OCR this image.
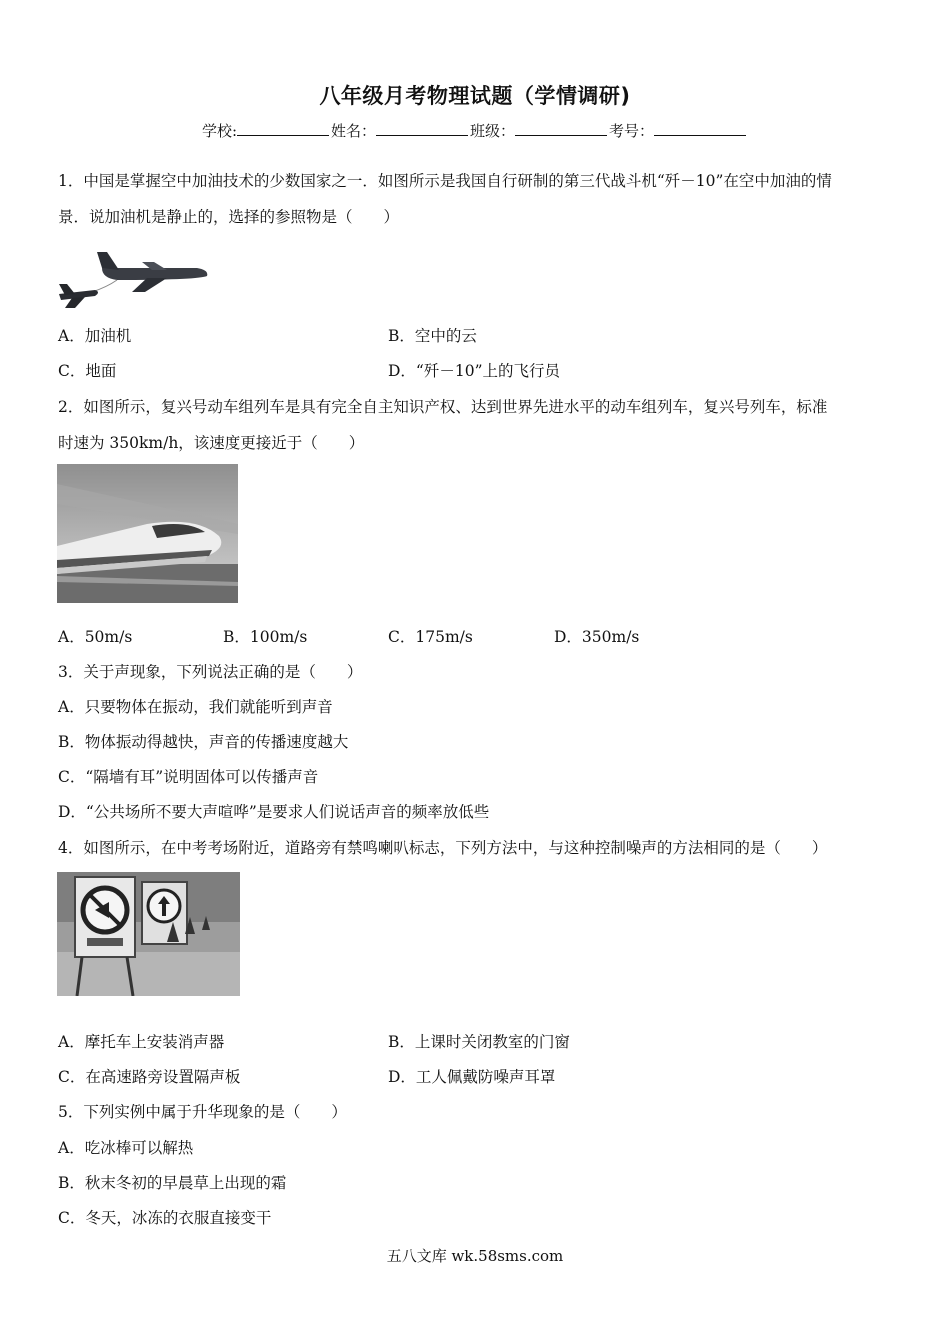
八年级月考物理试题（学情调研)
学校:	姓名：	班级：	考号：
1．中国是掌握空中加油技术的少数国家之一．如图所示是我国自行研制的第三代战斗机“歼－10”在空中加油的情
景．说加油机是静止的，选择的参照物是（　　）
A．加油机	B．空中的云
C．地面	D．“歼－10”上的飞行员
2．如图所示，复兴号动车组列车是具有完全自主知识产权、达到世界先进水平的动车组列车，复兴号列车，标准
时速为 350km/h，该速度更接近于（　　）
A．50m/s	B．100m/s	C．175m/s	D．350m/s
3．关于声现象，下列说法正确的是（　　）
A．只要物体在振动，我们就能听到声音
B．物体振动得越快，声音的传播速度越大
C．“隔墙有耳”说明固体可以传播声音
D．“公共场所不要大声喧哗”是要求人们说话声音的频率放低些
4．如图所示，在中考考场附近，道路旁有禁鸣喇叭标志，下列方法中，与这种控制噪声的方法相同的是（　　）
A．摩托车上安装消声器	B．上课时关闭教室的门窗
C．在高速路旁设置隔声板	D．工人佩戴防噪声耳罩
5．下列实例中属于升华现象的是（　　）
A．吃冰棒可以解热
B．秋末冬初的早晨草上出现的霜
C．冬天，冰冻的衣服直接变干
五八文库 wk.58sms.com
